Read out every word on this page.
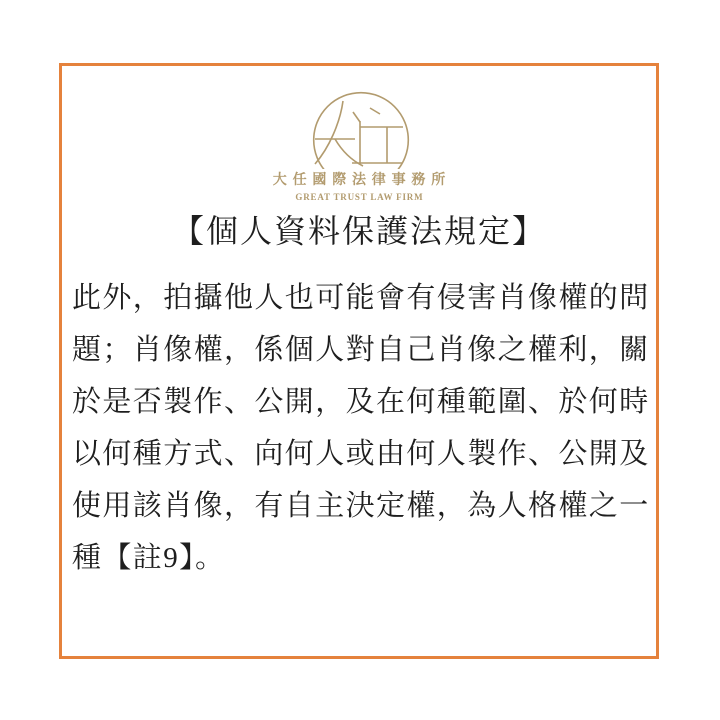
大任國際法律事務所
GREAT TRUST LAW FIRM
【個人資料保護法規定】
此外，拍攝他人也可能會有侵害肖像權的問
題；肖像權，係個人對自己肖像之權利，關
於是否製作、公開，及在何種範圍、於何時
以何種方式、向何人或由何人製作、公開及
使用該肖像，有自主決定權，為人格權之一
種【註9】。
